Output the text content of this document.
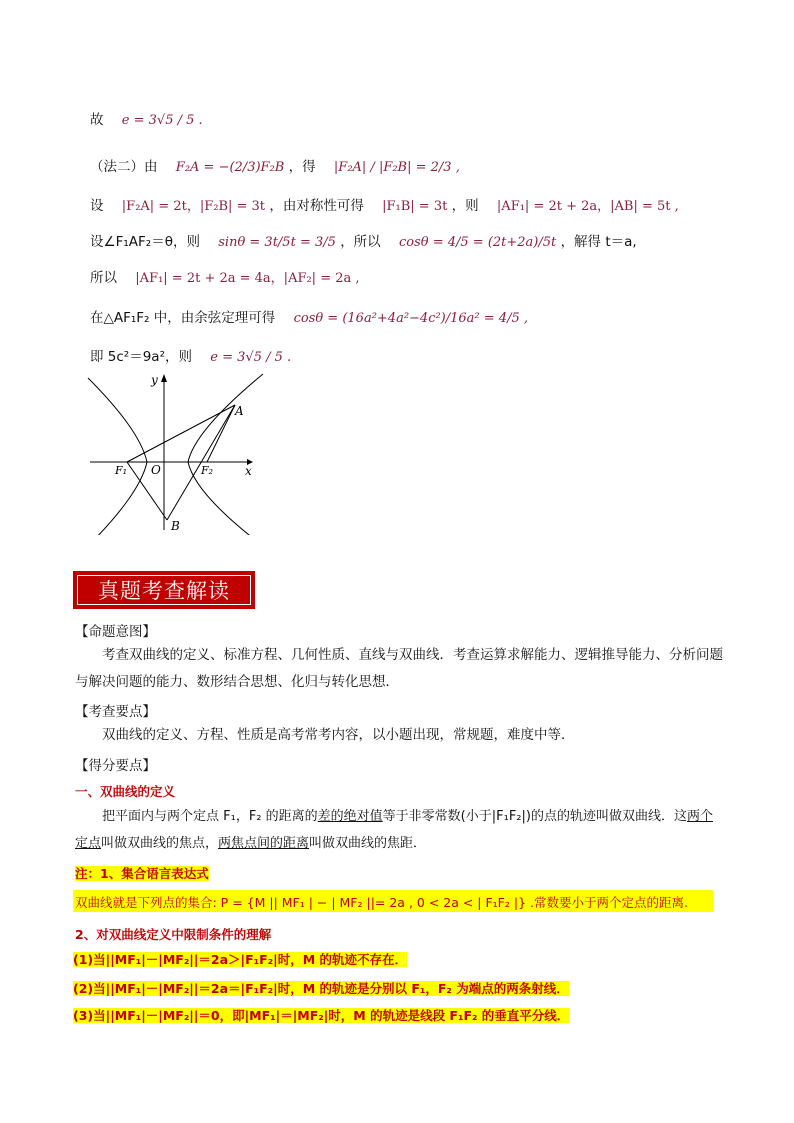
故 e = 3√5 / 5 .
（法二）由 F₂A = −(2/3)F₂B ，得 |F₂A| / |F₂B| = 2/3 ,
设 |F₂A| = 2t，|F₂B| = 3t ，由对称性可得 |F₁B| = 3t ，则 |AF₁| = 2t + 2a，|AB| = 5t ,
设∠F₁AF₂＝θ，则 sinθ = 3t/5t = 3/5 ，所以 cosθ = 4/5 = (2t+2a)/5t ，解得 t＝a,
所以 |AF₁| = 2t + 2a = 4a，|AF₂| = 2a ,
在△AF₁F₂ 中，由余弦定理可得 cosθ = (16a²+4a²−4c²)/16a² = 4/5 ,
即 5c²＝9a²，则 e = 3√5 / 5 .
y
x
O
F₁	F₂
A
B
真题考查解读
【命题意图】
考查双曲线的定义、标准方程、几何性质、直线与双曲线．考查运算求解能力、逻辑推导能力、分析问题与解决问题的能力、数形结合思想、化归与转化思想．
【考查要点】
双曲线的定义、方程、性质是高考常考内容，以小题出现，常规题，难度中等．
【得分要点】
一、双曲线的定义
把平面内与两个定点 F₁，F₂ 的距离的差的绝对值等于非零常数(小于|F₁F₂|)的点的轨迹叫做双曲线．这两个定点叫做双曲线的焦点，两焦点间的距离叫做双曲线的焦距．
注：1、集合语言表达式
双曲线就是下列点的集合: P = {M || MF₁ | − | MF₂ ||= 2a , 0 < 2a < | F₁F₂ |} .常数要小于两个定点的距离.
2、对双曲线定义中限制条件的理解
(1)当||MF₁|－|MF₂||＝2a＞|F₁F₂|时，M 的轨迹不存在．
(2)当||MF₁|－|MF₂||＝2a＝|F₁F₂|时，M 的轨迹是分别以 F₁，F₂ 为端点的两条射线．
(3)当||MF₁|－|MF₂||＝0，即|MF₁|＝|MF₂|时，M 的轨迹是线段 F₁F₂ 的垂直平分线．
